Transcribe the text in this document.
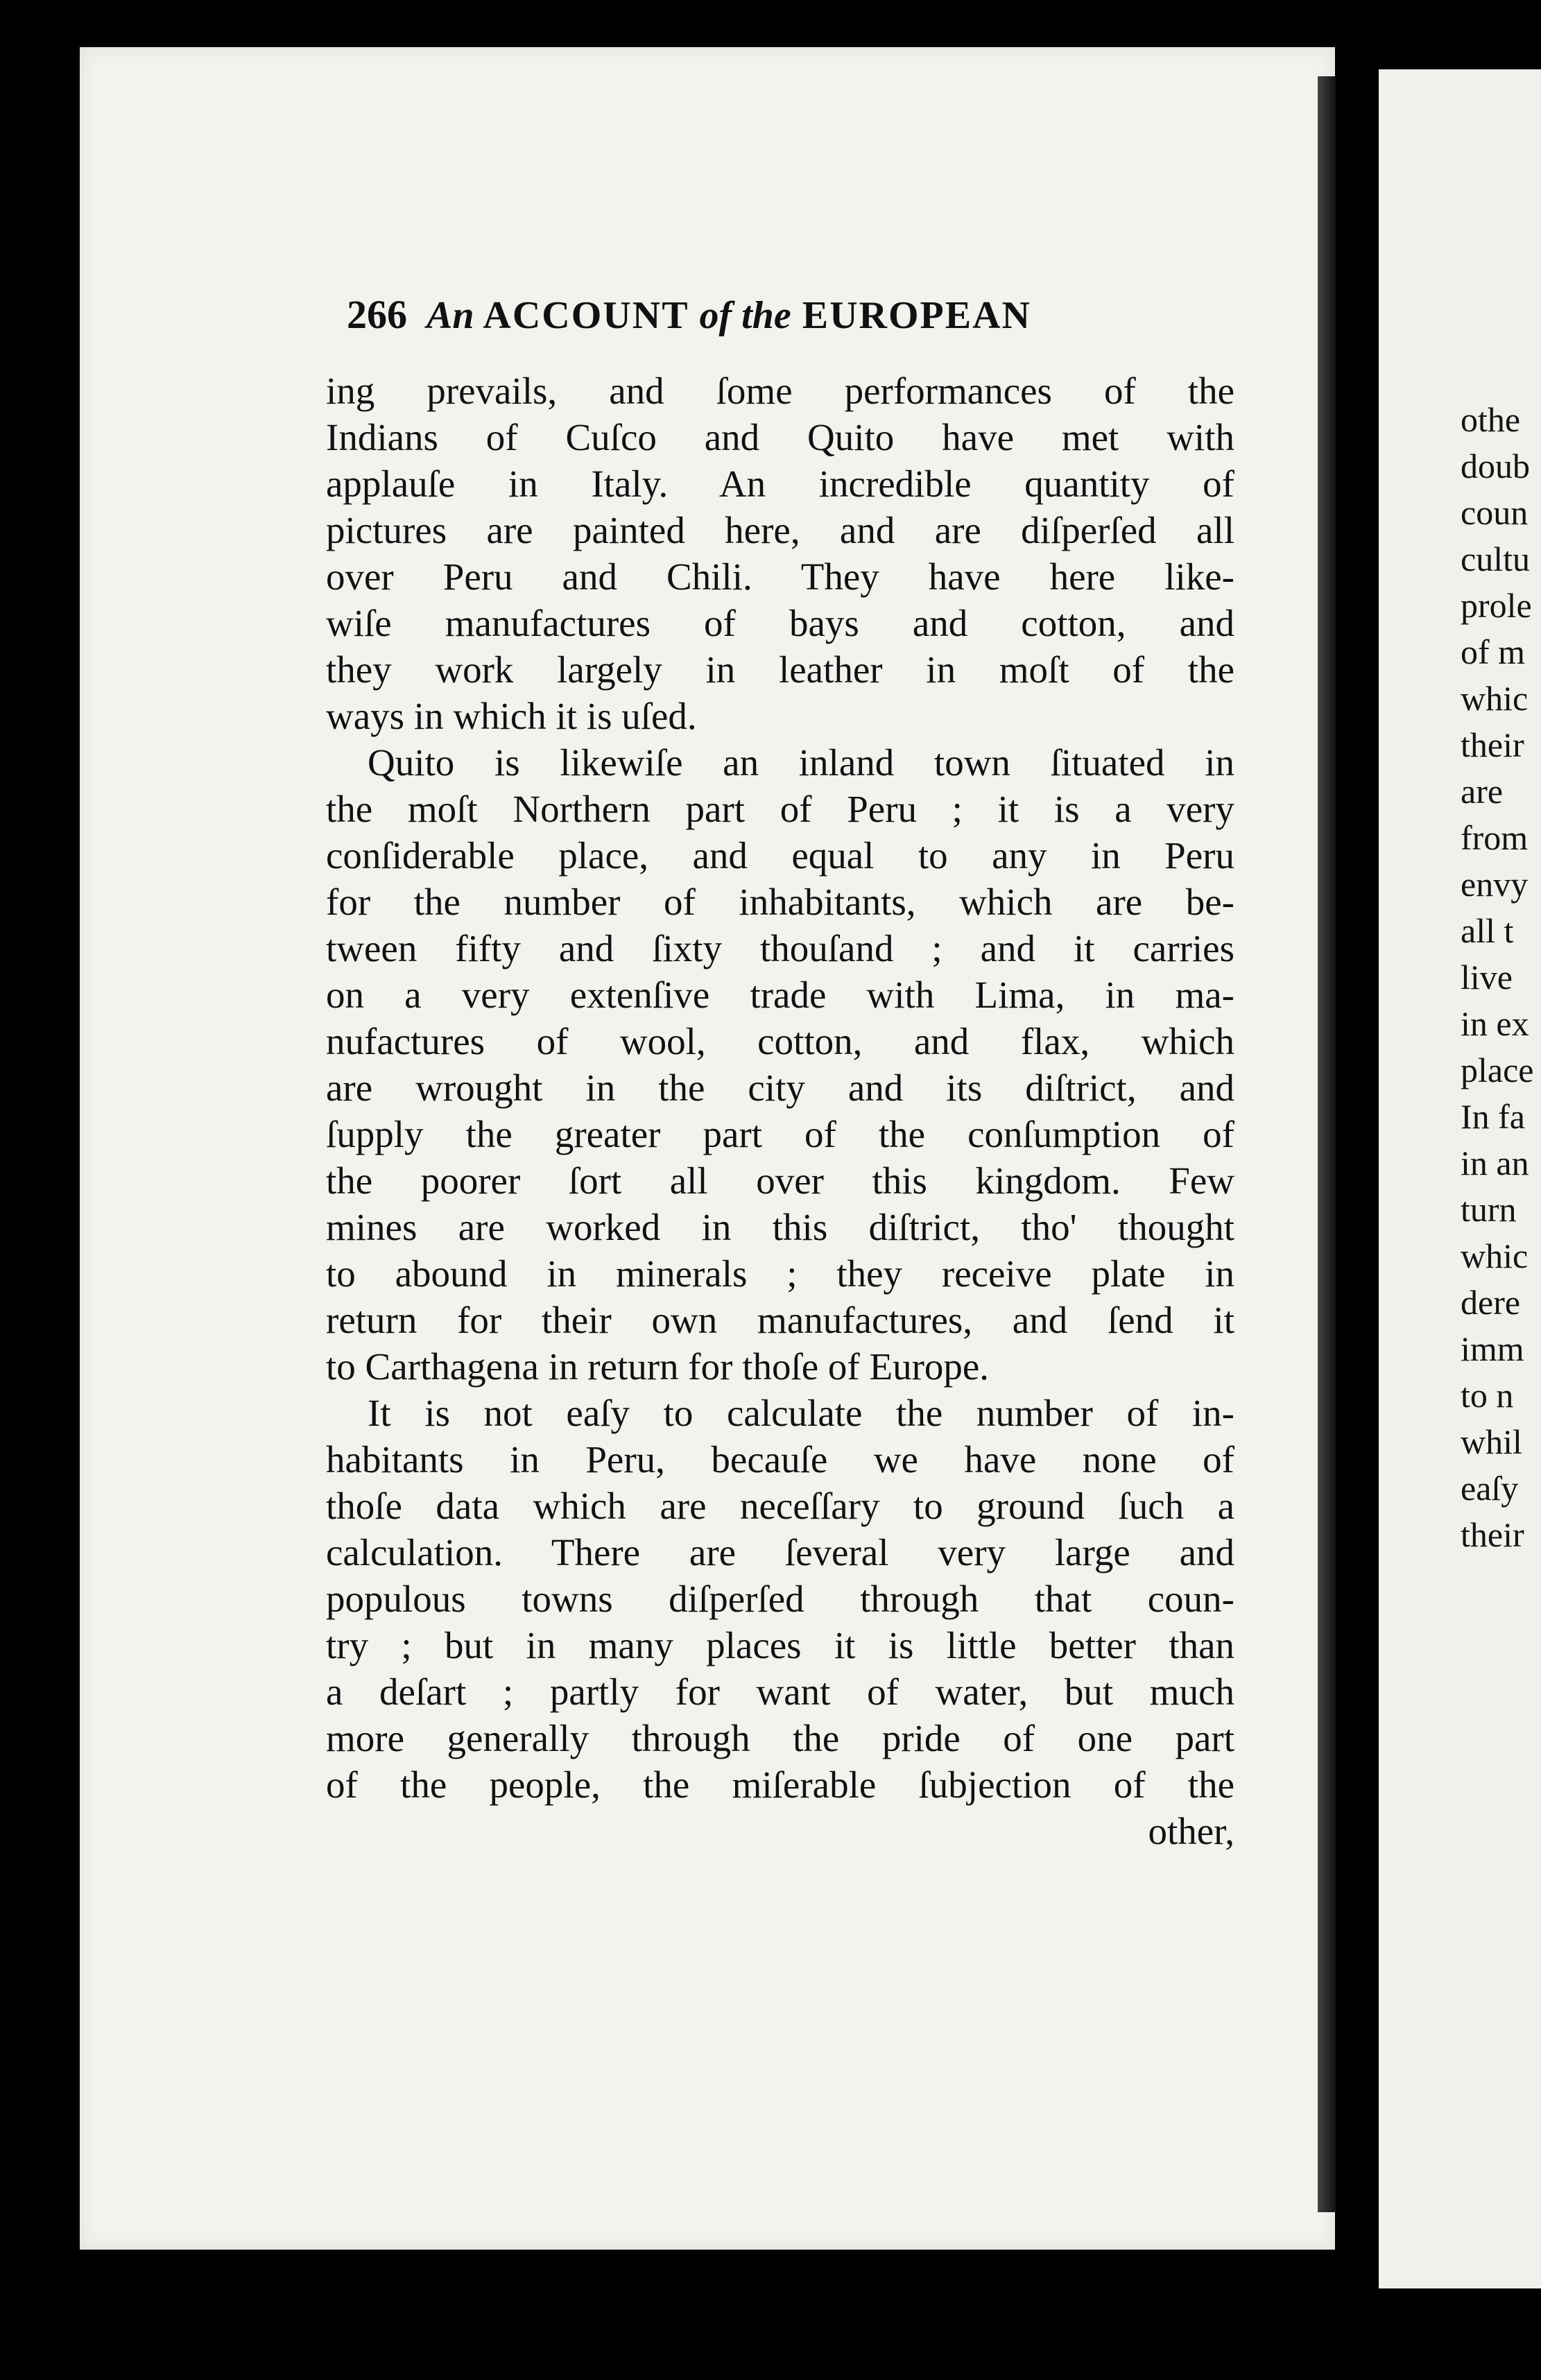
othe
doub
coun
cultu
prole
of m
whic
their
are
from
envy
all t
live
in ex
place
In fa
in an
turn
whic
dere
imm
to n
whil
eaſy
their
266 An ACCOUNT of the EUROPEAN
ing prevails, and ſome performances of the
Indians of Cuſco and Quito have met with
applauſe in Italy. An incredible quantity of
pictures are painted here, and are diſperſed all
over Peru and Chili. They have here like-
wiſe manufactures of bays and cotton, and
they work largely in leather in moſt of the
ways in which it is uſed.
Quito is likewiſe an inland town ſituated in
the moſt Northern part of Peru ; it is a very
conſiderable place, and equal to any in Peru
for the number of inhabitants, which are be-
tween fifty and ſixty thouſand ; and it carries
on a very extenſive trade with Lima, in ma-
nufactures of wool, cotton, and flax, which
are wrought in the city and its diſtrict, and
ſupply the greater part of the conſumption of
the poorer ſort all over this kingdom. Few
mines are worked in this diſtrict, tho' thought
to abound in minerals ; they receive plate in
return for their own manufactures, and ſend it
to Carthagena in return for thoſe of Europe.
It is not eaſy to calculate the number of in-
habitants in Peru, becauſe we have none of
thoſe data which are neceſſary to ground ſuch a
calculation. There are ſeveral very large and
populous towns diſperſed through that coun-
try ; but in many places it is little better than
a deſart ; partly for want of water, but much
more generally through the pride of one part
of the people, the miſerable ſubjection of the
other,
